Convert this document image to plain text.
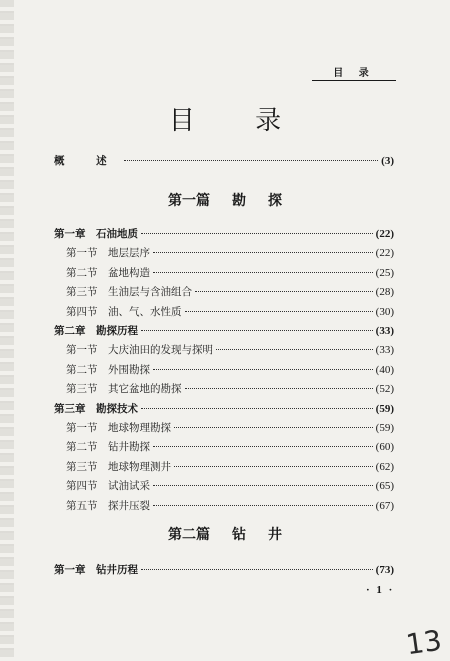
目 录
目 录
概 述	(3)
第一篇 勘 探
第一章　石油地质	(22)
第一节　地层层序	(22)
第二节　盆地构造	(25)
第三节　生油层与含油组合	(28)
第四节　油、气、水性质	(30)
第二章　勘探历程	(33)
第一节　大庆油田的发现与探明	(33)
第二节　外围勘探	(40)
第三节　其它盆地的勘探	(52)
第三章　勘探技术	(59)
第一节　地球物理勘探	(59)
第二节　钻井勘探	(60)
第三节　地球物理测井	(62)
第四节　试油试采	(65)
第五节　探井压裂	(67)
第二篇 钻 井
第一章　钻井历程	(73)
· 1 ·
13
